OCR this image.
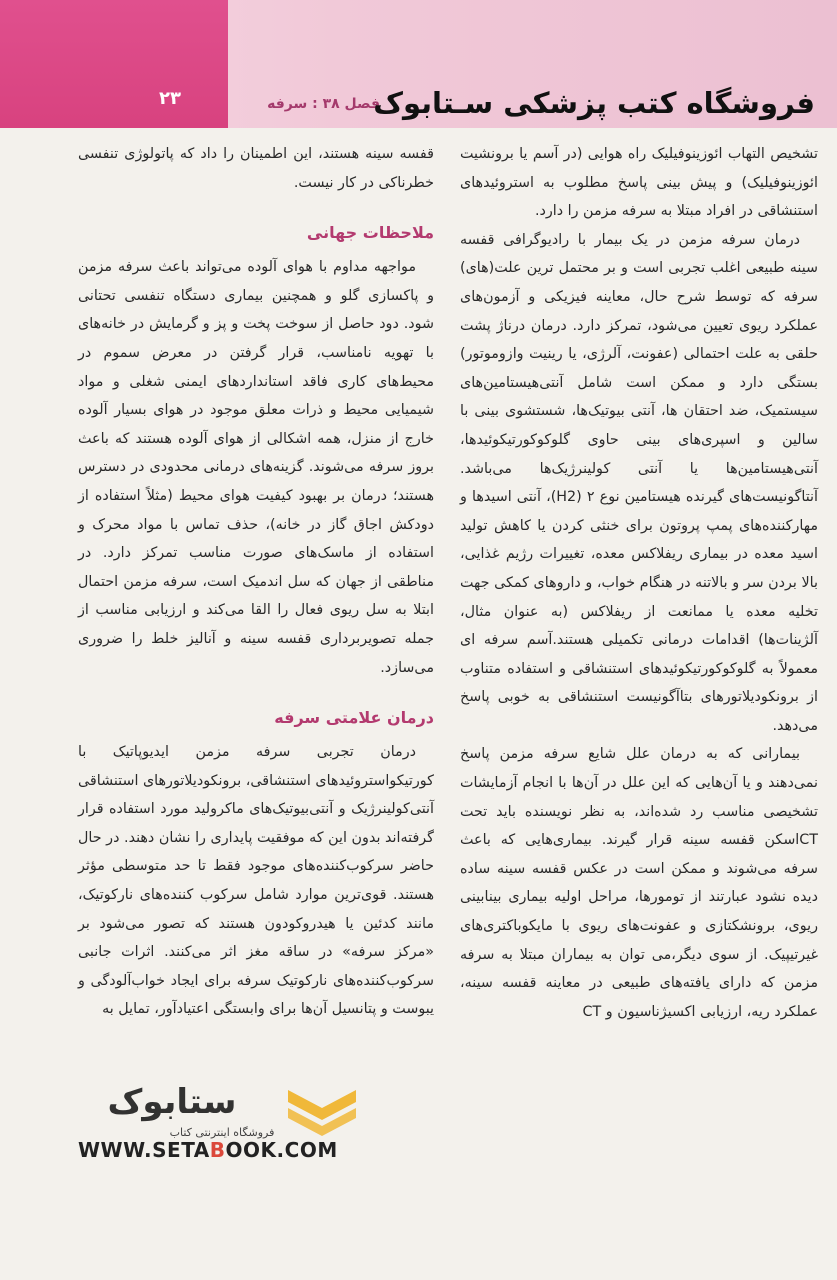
۲۳	فصل ۳۸ : سرفه
فروشگاه کتب پزشکی سـتابوک

تشخیص التهاب ائوزینوفیلیک راه هوایی (در آسم یا برونشیت ائوزینوفیلیک) و پیش بینی پاسخ مطلوب به استروئیدهای استنشاقی در افراد مبتلا به سرفه مزمن را دارد.

درمان سرفه مزمن در یک بیمار با رادیوگرافی قفسه سینه طبیعی اغلب تجربی است و بر محتمل ترین علت(های) سرفه که توسط شرح حال، معاینه فیزیکی و آزمون‌های عملکرد ریوی تعیین می‌شود، تمرکز دارد. درمان درناژ پشت حلقی به علت احتمالی (عفونت، آلرژی، یا رینیت وازوموتور) بستگی دارد و ممکن است شامل آنتی‌هیستامین‌های سیستمیک، ضد احتقان ها، آنتی بیوتیک‌ها، شستشوی بینی با سالین و اسپری‌های بینی حاوی گلوکوکورتیکوئیدها، آنتی‌هیستامین‌ها یا آنتی کولینرژیک‌ها می‌باشد. آنتاگونیست‌های گیرنده هیستامین نوع ۲ (H2)، آنتی اسیدها و مهارکننده‌های پمپ پروتون برای خنثی کردن یا کاهش تولید اسید معده در بیماری ریفلاکس معده، تغییرات رژیم غذایی، بالا بردن سر و بالاتنه در هنگام خواب، و داروهای کمکی جهت تخلیه معده یا ممانعت از ریفلاکس (به عنوان مثال، آلژینات‌ها) اقدامات درمانی تکمیلی هستند.آسم سرفه ای معمولاً به گلوکوکورتیکوئیدهای استنشاقی و استفاده متناوب از برونکودیلاتورهای بتاآگونیست استنشاقی به خوبی پاسخ می‌دهد.

بیمارانی که به درمان علل شایع سرفه مزمن پاسخ نمی‌دهند و یا آن‌هایی که این علل در آن‌ها با انجام آزمایشات تشخیصی مناسب رد شده‌اند، به نظر نویسنده باید تحت CTاسکن قفسه سینه قرار گیرند. بیماری‌هایی که باعث سرفه می‌شوند و ممکن است در عکس قفسه سینه ساده دیده نشود عبارتند از تومورها، مراحل اولیه بیماری بینابینی ریوی، برونشکتازی و عفونت‌های ریوی با مایکوباکتری‌های غیرتیپیک. از سوی دیگر،می توان به بیماران مبتلا به سرفه مزمن که دارای یافته‌های طبیعی در معاینه قفسه سینه، عملکرد ریه، ارزیابی اکسیژناسیون و CT

قفسه سینه هستند، این اطمینان را داد که پاتولوژی تنفسی خطرناکی در کار نیست.

ملاحظات جهانی

مواجهه مداوم با هوای آلوده می‌تواند باعث سرفه مزمن و پاکسازی گلو و همچنین بیماری دستگاه تنفسی تحتانی شود. دود حاصل از سوخت پخت و پز و گرمایش در خانه‌های با تهویه نامناسب، قرار گرفتن در معرض سموم در محیط‌های کاری فاقد استانداردهای ایمنی شغلی و مواد شیمیایی محیط و ذرات معلق موجود در هوای بسیار آلوده خارج از منزل، همه اشکالی از هوای آلوده هستند که باعث بروز سرفه می‌شوند. گزینه‌های درمانی محدودی در دسترس هستند؛ درمان بر بهبود کیفیت هوای محیط (مثلاً استفاده از دودکش اجاق گاز در خانه)، حذف تماس با مواد محرک و استفاده از ماسک‌های صورت مناسب تمرکز دارد. در مناطقی از جهان که سل اندمیک است، سرفه مزمن احتمال ابتلا به سل ریوی فعال را القا می‌کند و ارزیابی مناسب از جمله تصویربرداری قفسه سینه و آنالیز خلط را ضروری می‌سازد.

درمان علامتی سرفه

درمان تجربی سرفه مزمن ایدیوپاتیک با کورتیکواستروئیدهای استنشاقی، برونکودیلاتورهای استنشاقی آنتی‌کولینرژیک و آنتی‌بیوتیک‌های ماکرولید مورد استفاده قرار گرفته‌اند بدون این که موفقیت پایداری را نشان دهند. در حال حاضر سرکوب‌کننده‌های موجود فقط تا حد متوسطی مؤثر هستند. قوی‌ترین موارد شامل سرکوب کننده‌های نارکوتیک، مانند کدئین یا هیدروکودون هستند که تصور می‌شود بر «مرکز سرفه» در ساقه مغز اثر می‌کنند. اثرات جانبی سرکوب‌کننده‌های نارکوتیک سرفه برای ایجاد خواب‌آلودگی و یبوست و پتانسیل آن‌ها برای وابستگی اعتیادآور، تمایل به

ستابوک
فروشگاه اینترنتی کتاب
WWW.SETABOOK.COM
